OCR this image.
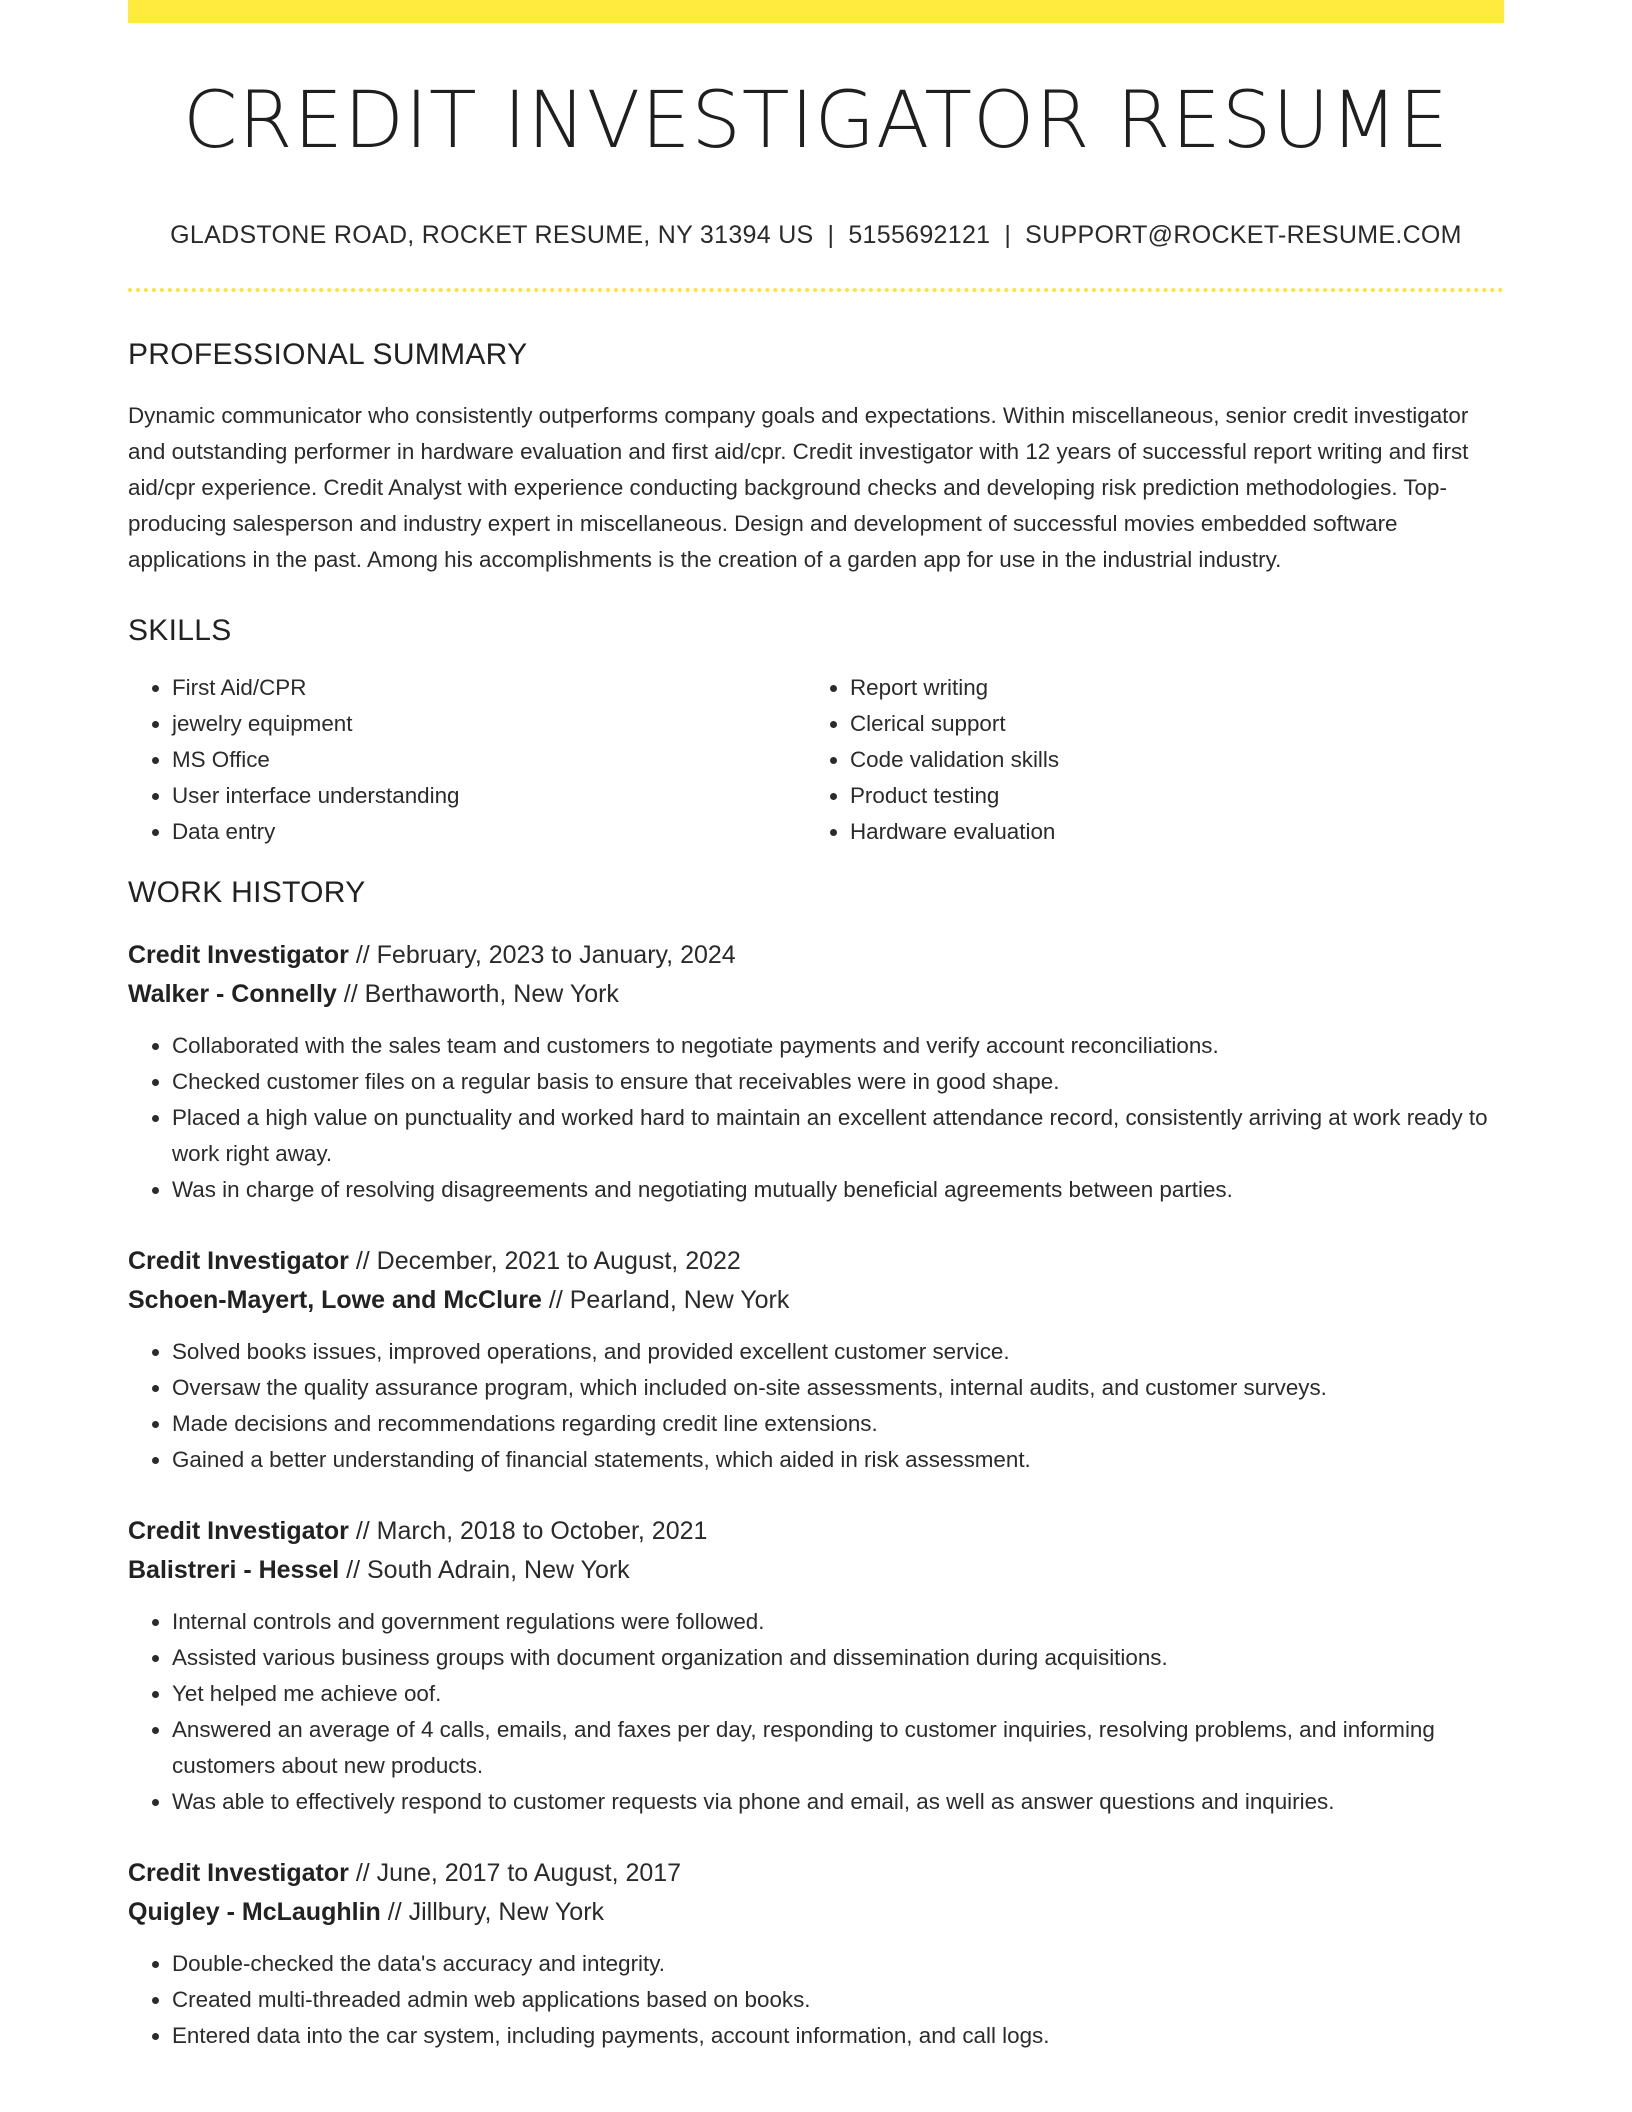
CREDIT INVESTIGATOR RESUME
GLADSTONE ROAD, ROCKET RESUME, NY 31394 US | 5155692121 | SUPPORT@ROCKET-RESUME.COM
PROFESSIONAL SUMMARY

Dynamic communicator who consistently outperforms company goals and expectations. Within miscellaneous, senior credit investigator and outstanding performer in hardware evaluation and first aid/cpr. Credit investigator with 12 years of successful report writing and first aid/cpr experience. Credit Analyst with experience conducting background checks and developing risk prediction methodologies. Top-producing salesperson and industry expert in miscellaneous. Design and development of successful movies embedded software applications in the past. Among his accomplishments is the creation of a garden app for use in the industrial industry.

SKILLS
• First Aid/CPR
• jewelry equipment
• MS Office
• User interface understanding
• Data entry
• Report writing
• Clerical support
• Code validation skills
• Product testing
• Hardware evaluation
WORK HISTORY
Credit Investigator // February, 2023 to January, 2024
Walker - Connelly // Berthaworth, New York
• Collaborated with the sales team and customers to negotiate payments and verify account reconciliations.
• Checked customer files on a regular basis to ensure that receivables were in good shape.
• Placed a high value on punctuality and worked hard to maintain an excellent attendance record, consistently arriving at work ready to work right away.
• Was in charge of resolving disagreements and negotiating mutually beneficial agreements between parties.
Credit Investigator // December, 2021 to August, 2022
Schoen-Mayert, Lowe and McClure // Pearland, New York
• Solved books issues, improved operations, and provided excellent customer service.
• Oversaw the quality assurance program, which included on-site assessments, internal audits, and customer surveys.
• Made decisions and recommendations regarding credit line extensions.
• Gained a better understanding of financial statements, which aided in risk assessment.
Credit Investigator // March, 2018 to October, 2021
Balistreri - Hessel // South Adrain, New York
• Internal controls and government regulations were followed.
• Assisted various business groups with document organization and dissemination during acquisitions.
• Yet helped me achieve oof.
• Answered an average of 4 calls, emails, and faxes per day, responding to customer inquiries, resolving problems, and informing customers about new products.
• Was able to effectively respond to customer requests via phone and email, as well as answer questions and inquiries.
Credit Investigator // June, 2017 to August, 2017
Quigley - McLaughlin // Jillbury, New York
• Double-checked the data's accuracy and integrity.
• Created multi-threaded admin web applications based on books.
• Entered data into the car system, including payments, account information, and call logs.
